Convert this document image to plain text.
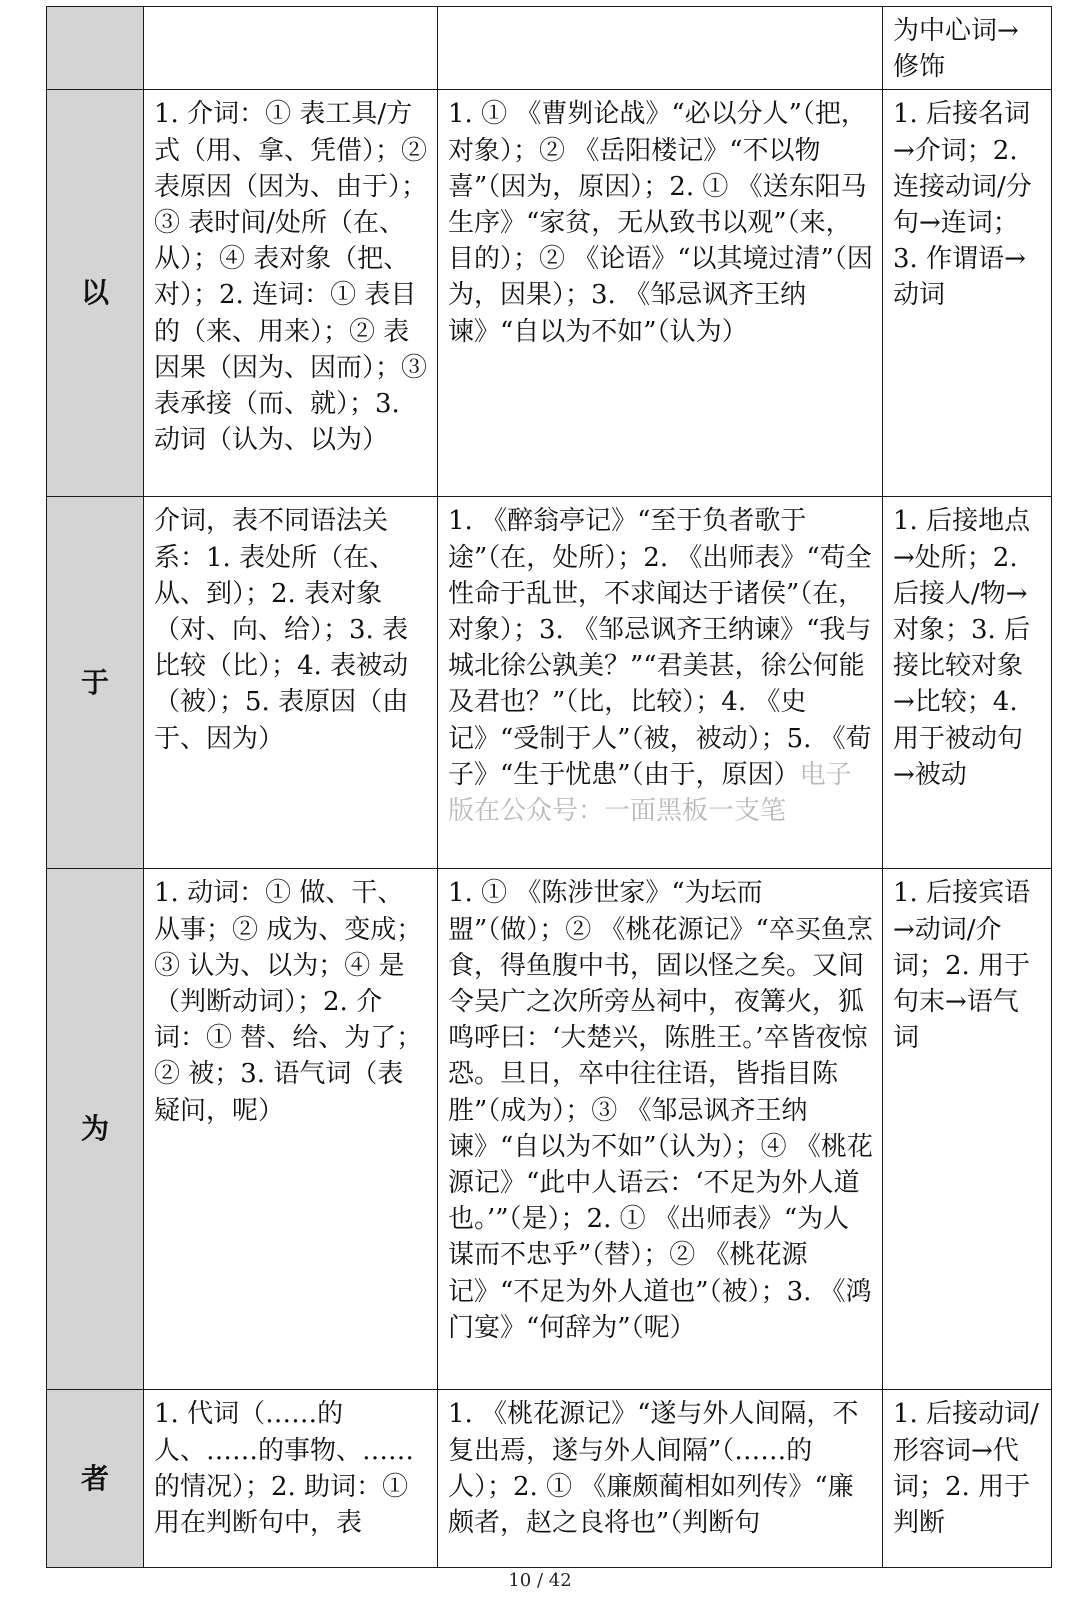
			为中心词→修饰
以	1. 介词：① 表工具/方式（用、拿、凭借）；② 表原因（因为、由于）；③ 表时间/处所（在、从）；④ 表对象（把、对）；2. 连词：① 表目的（来、用来）；② 表因果（因为、因而）；③ 表承接（而、就）；3. 动词（认为、以为）	1. ① 《曹刿论战》“必以分人”（把，对象）；② 《岳阳楼记》“不以物喜”（因为，原因）；2. ① 《送东阳马生序》“家贫，无从致书以观”（来，目的）；② 《论语》“以其境过清”（因为，因果）；3. 《邹忌讽齐王纳谏》“自以为不如”（认为）	1. 后接名词→介词；2. 连接动词/分句→连词；3. 作谓语→动词
于	介词，表不同语法关系：1. 表处所（在、从、到）；2. 表对象（对、向、给）；3. 表比较（比）；4. 表被动（被）；5. 表原因（由于、因为）	1. 《醉翁亭记》“至于负者歌于途”（在，处所）；2. 《出师表》“苟全性命于乱世，不求闻达于诸侯”（在，对象）；3. 《邹忌讽齐王纳谏》“我与城北徐公孰美？”“君美甚，徐公何能及君也？”（比，比较）；4. 《史记》“受制于人”（被，被动）；5. 《荀子》“生于忧患”（由于，原因）电子版在公众号：一面黑板一支笔	1. 后接地点→处所；2. 后接人/物→对象；3. 后接比较对象→比较；4. 用于被动句→被动
为	1. 动词：① 做、干、从事；② 成为、变成；③ 认为、以为；④ 是（判断动词）；2. 介词：① 替、给、为了；② 被；3. 语气词（表疑问，呢）	1. ① 《陈涉世家》“为坛而盟”（做）；② 《桃花源记》“卒买鱼烹食，得鱼腹中书，固以怪之矣。又间令吴广之次所旁丛祠中，夜篝火，狐鸣呼曰：‘大楚兴，陈胜王。’卒皆夜惊恐。旦日，卒中往往语，皆指目陈胜”（成为）；③ 《邹忌讽齐王纳谏》“自以为不如”（认为）；④ 《桃花源记》“此中人语云：‘不足为外人道也。’”（是）；2. ① 《出师表》“为人谋而不忠乎”（替）；② 《桃花源记》“不足为外人道也”（被）；3. 《鸿门宴》“何辞为”（呢）	1. 后接宾语→动词/介词；2. 用于句末→语气词
者	1. 代词（……的人、……的事物、……的情况）；2. 助词：① 用在判断句中，表	1. 《桃花源记》“遂与外人间隔，不复出焉，遂与外人间隔”（……的人）；2. ① 《廉颇蔺相如列传》“廉颇者，赵之良将也”（判断句	1. 后接动词/形容词→代词；2. 用于判断
10 / 42
